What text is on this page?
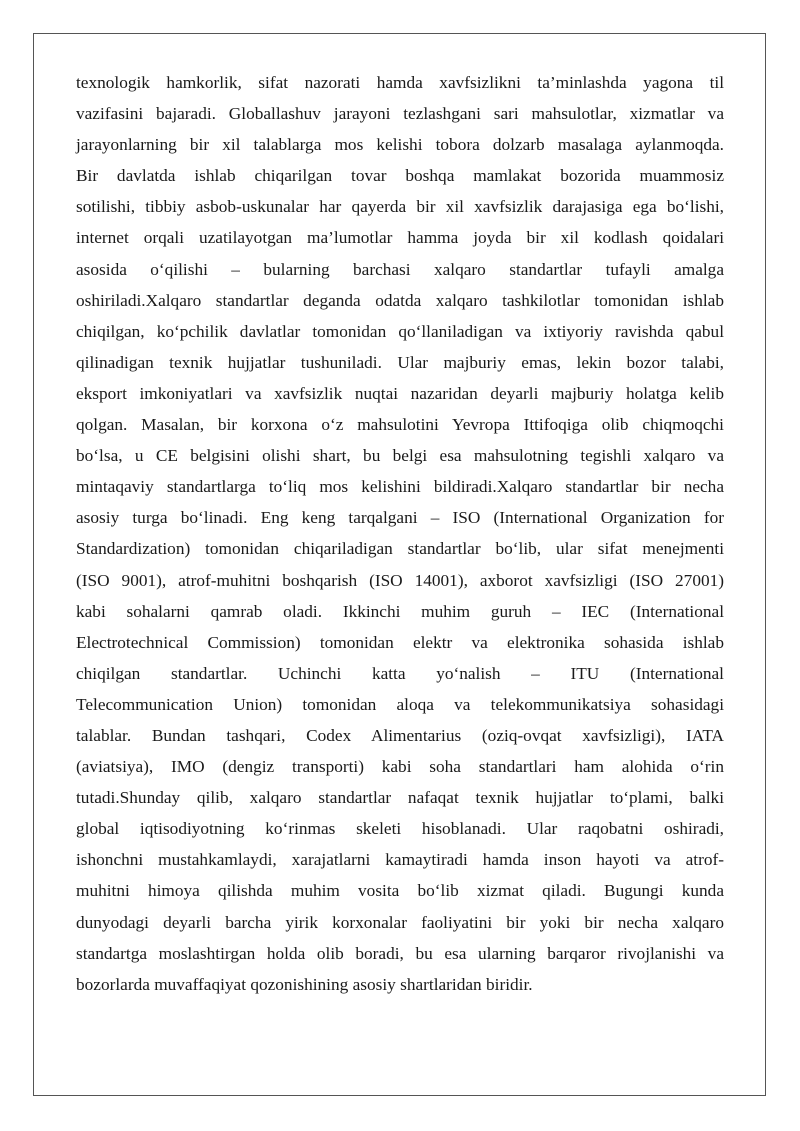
texnologik hamkorlik, sifat nazorati hamda xavfsizlikni ta’minlashda yagona til
vazifasini bajaradi. Globallashuv jarayoni tezlashgani sari mahsulotlar, xizmatlar va
jarayonlarning bir xil talablarga mos kelishi tobora dolzarb masalaga aylanmoqda.
Bir davlatda ishlab chiqarilgan tovar boshqa mamlakat bozorida muammosiz
sotilishi, tibbiy asbob-uskunalar har qayerda bir xil xavfsizlik darajasiga ega bo‘lishi,
internet orqali uzatilayotgan ma’lumotlar hamma joyda bir xil kodlash qoidalari
asosida o‘qilishi – bularning barchasi xalqaro standartlar tufayli amalga
oshiriladi.Xalqaro standartlar deganda odatda xalqaro tashkilotlar tomonidan ishlab
chiqilgan, ko‘pchilik davlatlar tomonidan qo‘llaniladigan va ixtiyoriy ravishda qabul
qilinadigan texnik hujjatlar tushuniladi. Ular majburiy emas, lekin bozor talabi,
eksport imkoniyatlari va xavfsizlik nuqtai nazaridan deyarli majburiy holatga kelib
qolgan. Masalan, bir korxona o‘z mahsulotini Yevropa Ittifoqiga olib chiqmoqchi
bo‘lsa, u CE belgisini olishi shart, bu belgi esa mahsulotning tegishli xalqaro va
mintaqaviy standartlarga to‘liq mos kelishini bildiradi.Xalqaro standartlar bir necha
asosiy turga bo‘linadi. Eng keng tarqalgani – ISO (International Organization for
Standardization) tomonidan chiqariladigan standartlar bo‘lib, ular sifat menejmenti
(ISO 9001), atrof-muhitni boshqarish (ISO 14001), axborot xavfsizligi (ISO 27001)
kabi sohalarni qamrab oladi. Ikkinchi muhim guruh – IEC (International
Electrotechnical Commission) tomonidan elektr va elektronika sohasida ishlab
chiqilgan standartlar. Uchinchi katta yo‘nalish – ITU (International
Telecommunication Union) tomonidan aloqa va telekommunikatsiya sohasidagi
talablar. Bundan tashqari, Codex Alimentarius (oziq-ovqat xavfsizligi), IATA
(aviatsiya), IMO (dengiz transporti) kabi soha standartlari ham alohida o‘rin
tutadi.Shunday qilib, xalqaro standartlar nafaqat texnik hujjatlar to‘plami, balki
global iqtisodiyotning ko‘rinmas skeleti hisoblanadi. Ular raqobatni oshiradi,
ishonchni mustahkamlaydi, xarajatlarni kamaytiradi hamda inson hayoti va atrof-
muhitni himoya qilishda muhim vosita bo‘lib xizmat qiladi. Bugungi kunda
dunyodagi deyarli barcha yirik korxonalar faoliyatini bir yoki bir necha xalqaro
standartga moslashtirgan holda olib boradi, bu esa ularning barqaror rivojlanishi va
bozorlarda muvaffaqiyat qozonishining asosiy shartlaridan biridir.
